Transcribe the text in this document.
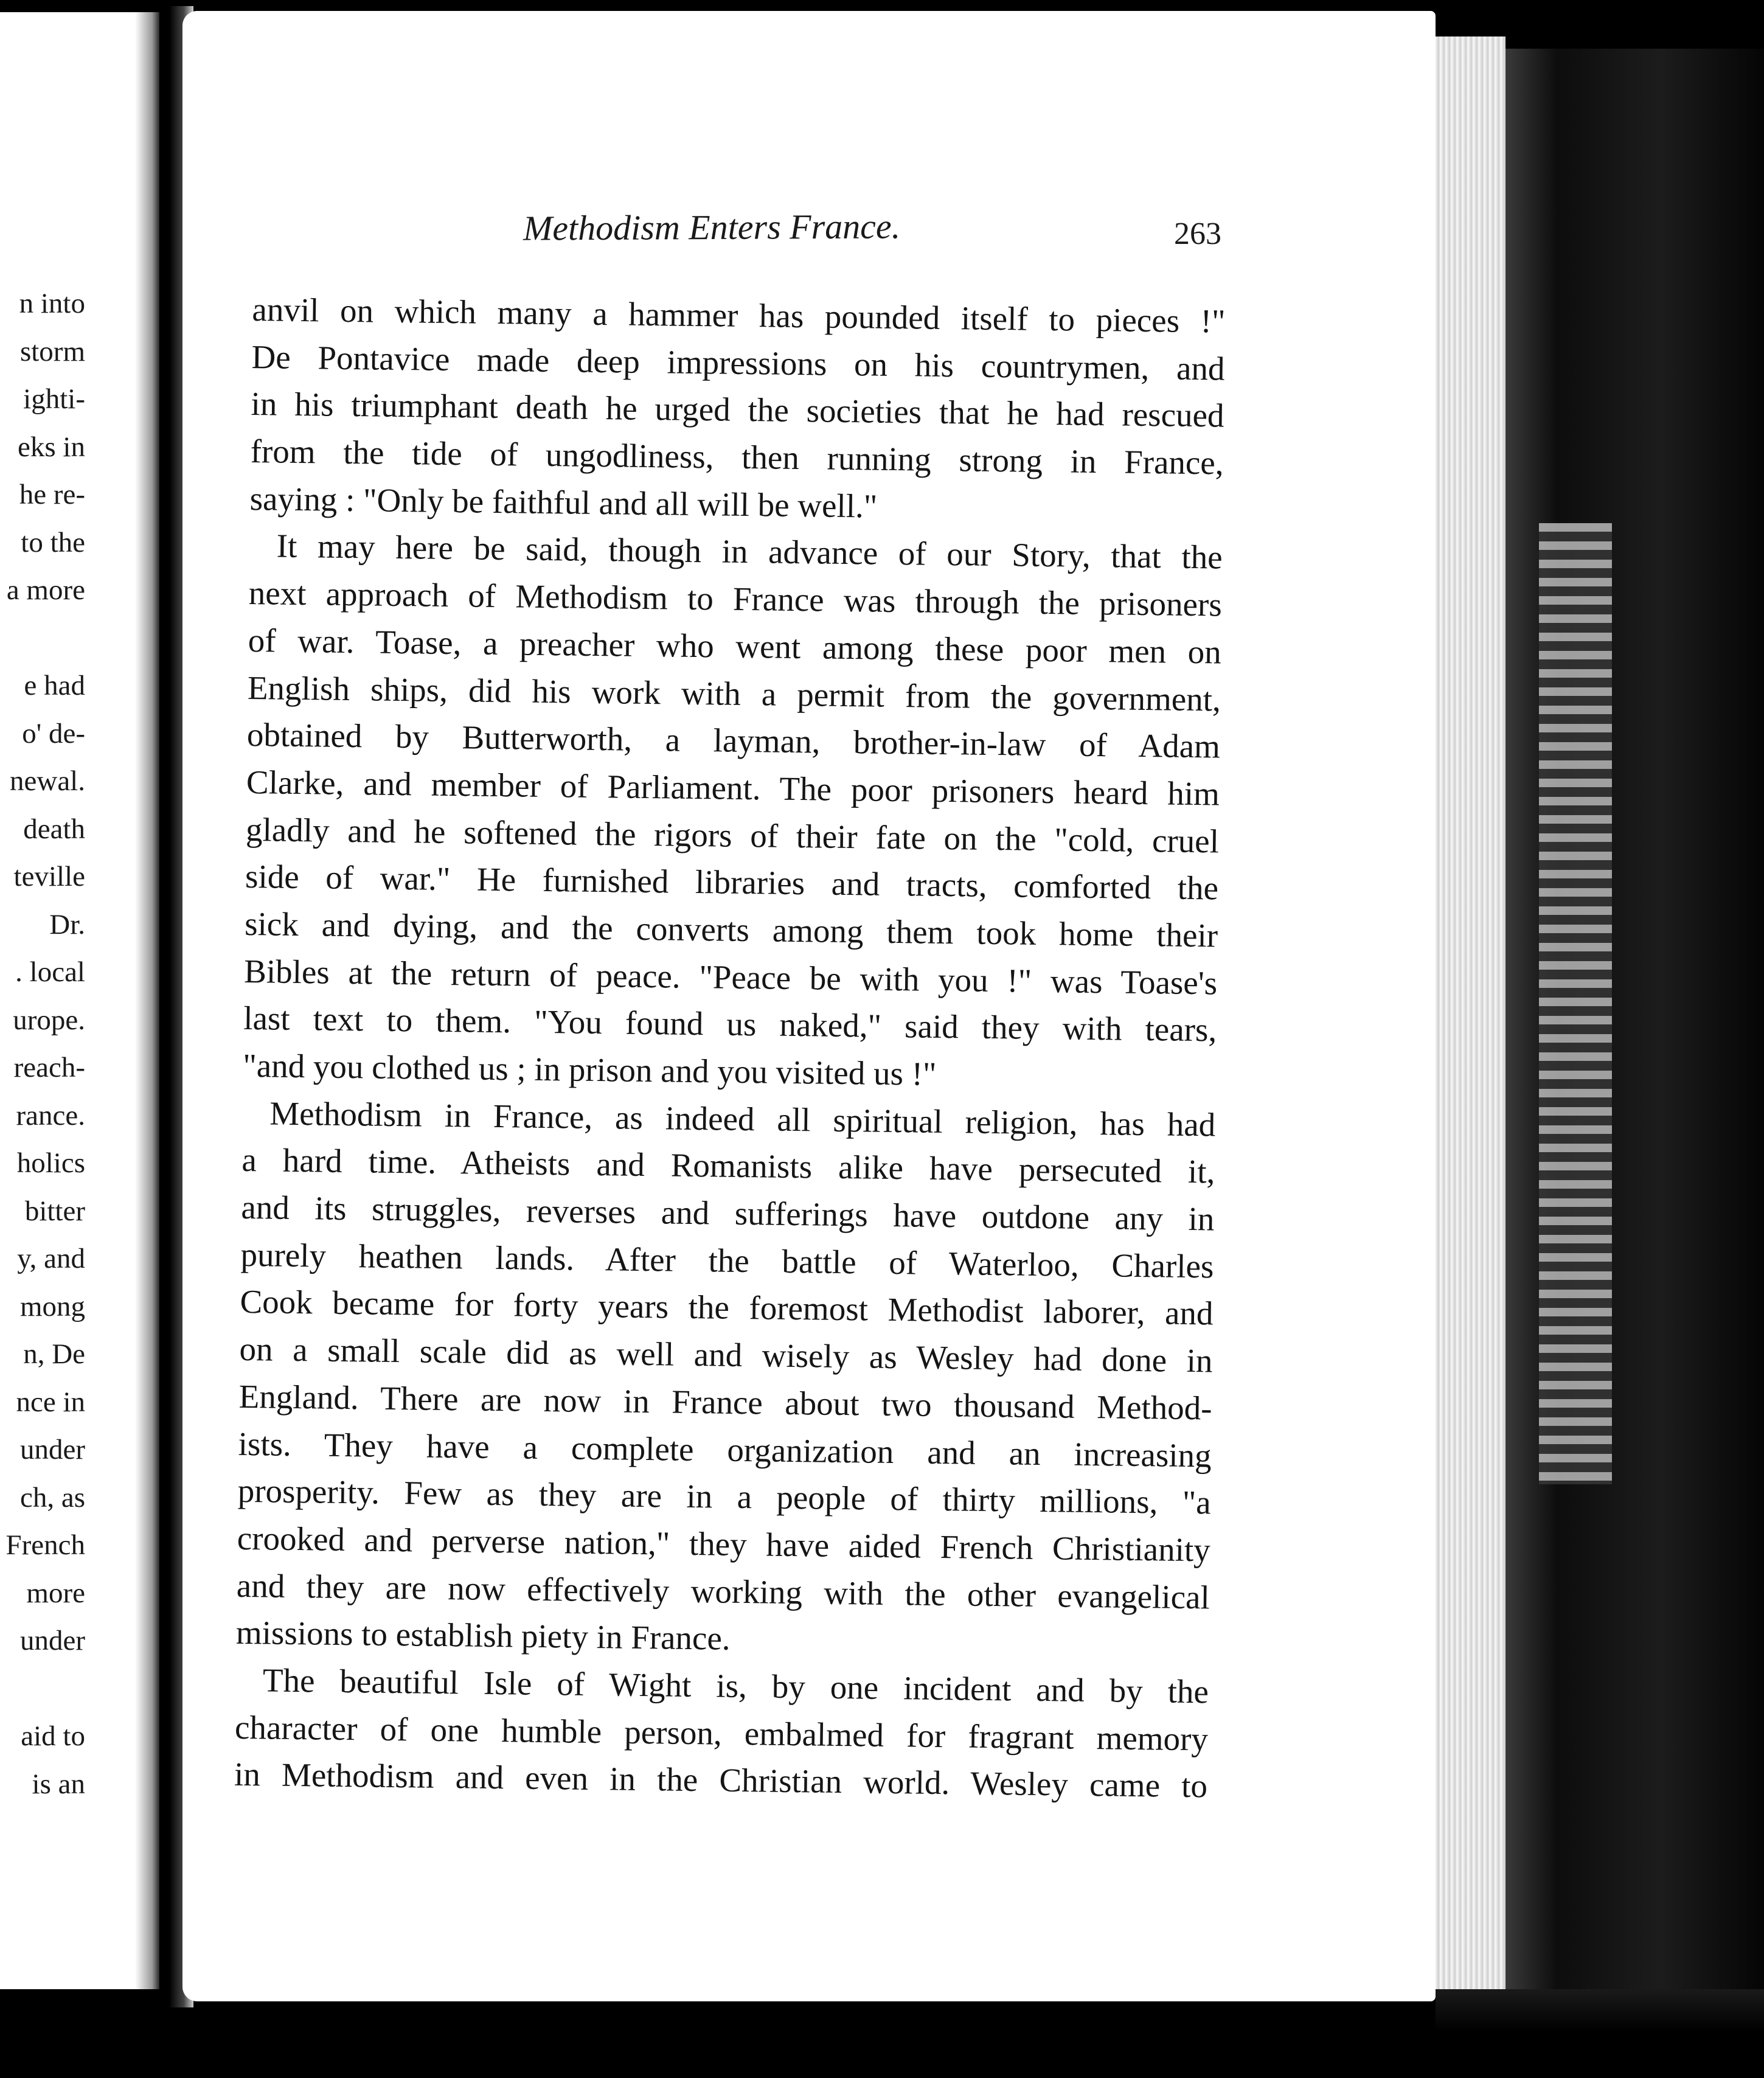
n into
storm
ighti-
eks in
he re-
to the
a more
e had
o' de-
newal.
death
teville
Dr.
. local
urope.
reach-
rance.
holics
bitter
y, and
mong
n, De
nce in
under
ch, as
French
more
under
aid to
is an
Methodism Enters France.	263
anvil on which many a hammer has pounded itself to pieces !"
De Pontavice made deep impressions on his countrymen, and
in his triumphant death he urged the societies that he had rescued
from the tide of ungodliness, then running strong in France,
saying : "Only be faithful and all will be well."
It may here be said, though in advance of our Story, that the
next approach of Methodism to France was through the prisoners
of war. Toase, a preacher who went among these poor men on
English ships, did his work with a permit from the government,
obtained by Butterworth, a layman, brother-in-law of Adam
Clarke, and member of Parliament. The poor prisoners heard him
gladly and he softened the rigors of their fate on the "cold, cruel
side of war." He furnished libraries and tracts, comforted the
sick and dying, and the converts among them took home their
Bibles at the return of peace. "Peace be with you !" was Toase's
last text to them. "You found us naked," said they with tears,
"and you clothed us ; in prison and you visited us !"
Methodism in France, as indeed all spiritual religion, has had
a hard time. Atheists and Romanists alike have persecuted it,
and its struggles, reverses and sufferings have outdone any in
purely heathen lands. After the battle of Waterloo, Charles
Cook became for forty years the foremost Methodist laborer, and
on a small scale did as well and wisely as Wesley had done in
England. There are now in France about two thousand Method-
ists. They have a complete organization and an increasing
prosperity. Few as they are in a people of thirty millions, "a
crooked and perverse nation," they have aided French Christianity
and they are now effectively working with the other evangelical
missions to establish piety in France.
The beautiful Isle of Wight is, by one incident and by the
character of one humble person, embalmed for fragrant memory
in Methodism and even in the Christian world. Wesley came to
